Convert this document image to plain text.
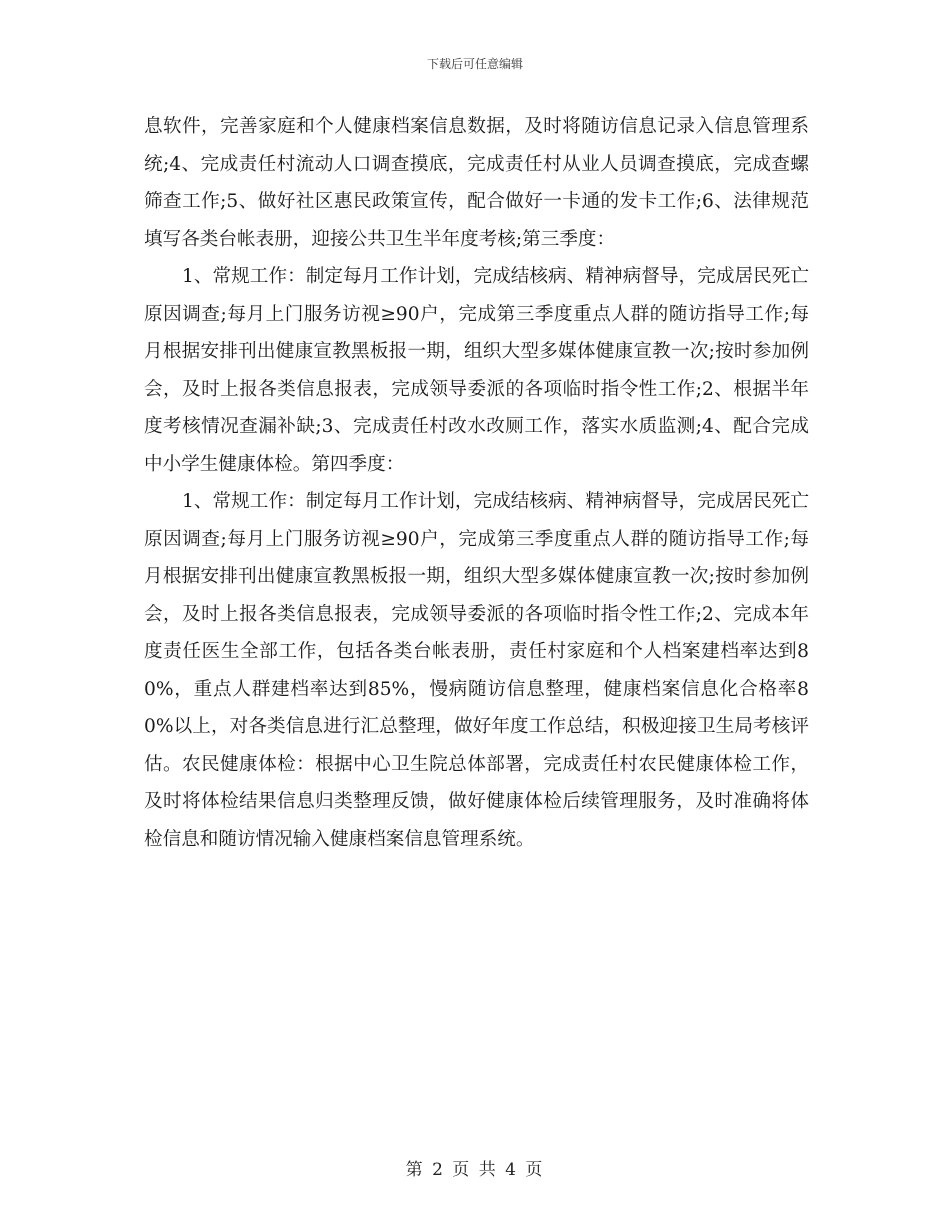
下载后可任意编辑

息软件，完善家庭和个人健康档案信息数据，及时将随访信息记录入信息管理系统;4、完成责任村流动人口调查摸底，完成责任村从业人员调查摸底，完成查螺筛查工作;5、做好社区惠民政策宣传，配合做好一卡通的发卡工作;6、法律规范填写各类台帐表册，迎接公共卫生半年度考核;第三季度：

1、常规工作：制定每月工作计划，完成结核病、精神病督导，完成居民死亡原因调查;每月上门服务访视≥90户，完成第三季度重点人群的随访指导工作;每月根据安排刊出健康宣教黑板报一期，组织大型多媒体健康宣教一次;按时参加例会，及时上报各类信息报表，完成领导委派的各项临时指令性工作;2、根据半年度考核情况查漏补缺;3、完成责任村改水改厕工作，落实水质监测;4、配合完成中小学生健康体检。第四季度：

1、常规工作：制定每月工作计划，完成结核病、精神病督导，完成居民死亡原因调查;每月上门服务访视≥90户，完成第三季度重点人群的随访指导工作;每月根据安排刊出健康宣教黑板报一期，组织大型多媒体健康宣教一次;按时参加例会，及时上报各类信息报表，完成领导委派的各项临时指令性工作;2、完成本年度责任医生全部工作，包括各类台帐表册，责任村家庭和个人档案建档率达到80%，重点人群建档率达到85%，慢病随访信息整理，健康档案信息化合格率80%以上，对各类信息进行汇总整理，做好年度工作总结，积极迎接卫生局考核评估。农民健康体检：根据中心卫生院总体部署，完成责任村农民健康体检工作，及时将体检结果信息归类整理反馈，做好健康体检后续管理服务，及时准确将体检信息和随访情况输入健康档案信息管理系统。

第 2 页 共 4 页
